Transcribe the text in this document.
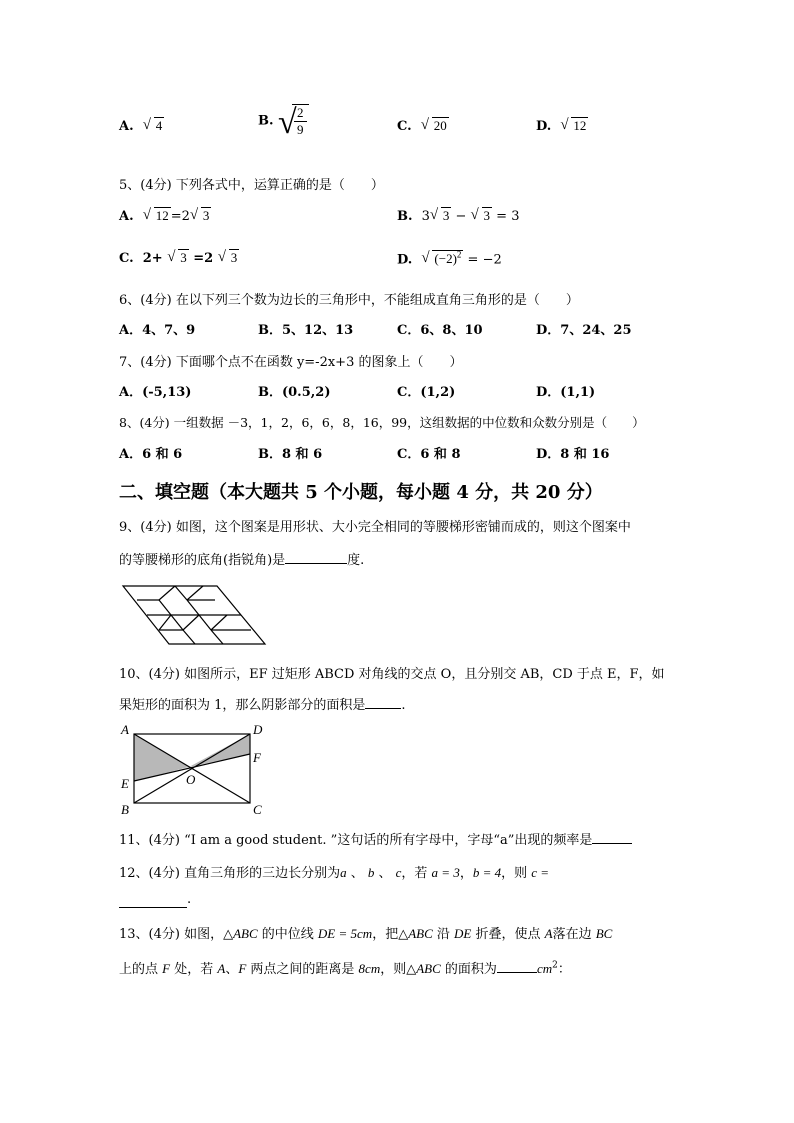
A. √ 4	B. √
$\frac{2}{9}$	C. √ 20	D. √ 12
5、(4分) 下列各式中，运算正确的是（　　）
A. √ 12 =2 √ 3	B. 3 √ 3 − √ 3 = 3
C. 2+ √ 3 =2 √ 3	D. √ $(-2)^2 = -2$
6、(4分) 在以下列三个数为边长的三角形中，不能组成直角三角形的是（　　）
A．4、7、9	B．5、12、13	C．6、8、10	D．7、24、25
7、(4分) 下面哪个点不在函数 y=-2x+3 的图象上（　　）
A．(-5,13)	B．(0.5,2)	C．(1,2)	D．(1,1)
8、(4分) 一组数据 －3，1，2，6，6，8，16，99，这组数据的中位数和众数分别是（　　）
A．6 和 6	B．8 和 6	C．6 和 8	D．8 和 16
二、填空题（本大题共 5 个小题，每小题 4 分，共 20 分）
9、(4分) 如图，这个图案是用形状、大小完全相同的等腰梯形密铺而成的，则这个图案中
的等腰梯形的底角(指锐角)是	度.
10、(4分) 如图所示，EF 过矩形 ABCD 对角线的交点 O，且分别交 AB，CD 于点 E，F，如
果矩形的面积为 1，那么阴影部分的面积是	.
A	D
F
E	O
B	C
11、(4分) “I am a good student. ”这句话的所有字母中，字母“a”出现的频率是
12、(4分) 直角三角形的三边长分别为a 、 b 、 c，若 a = 3，b = 4，则 c =
.
13、(4分) 如图，△ABC 的中位线 DE = 5cm，把△ABC 沿 DE 折叠，使点 A落在边 BC
上的点 F 处，若 A、F 两点之间的距离是 8cm，则△ABC 的面积为	$cm^2$：
